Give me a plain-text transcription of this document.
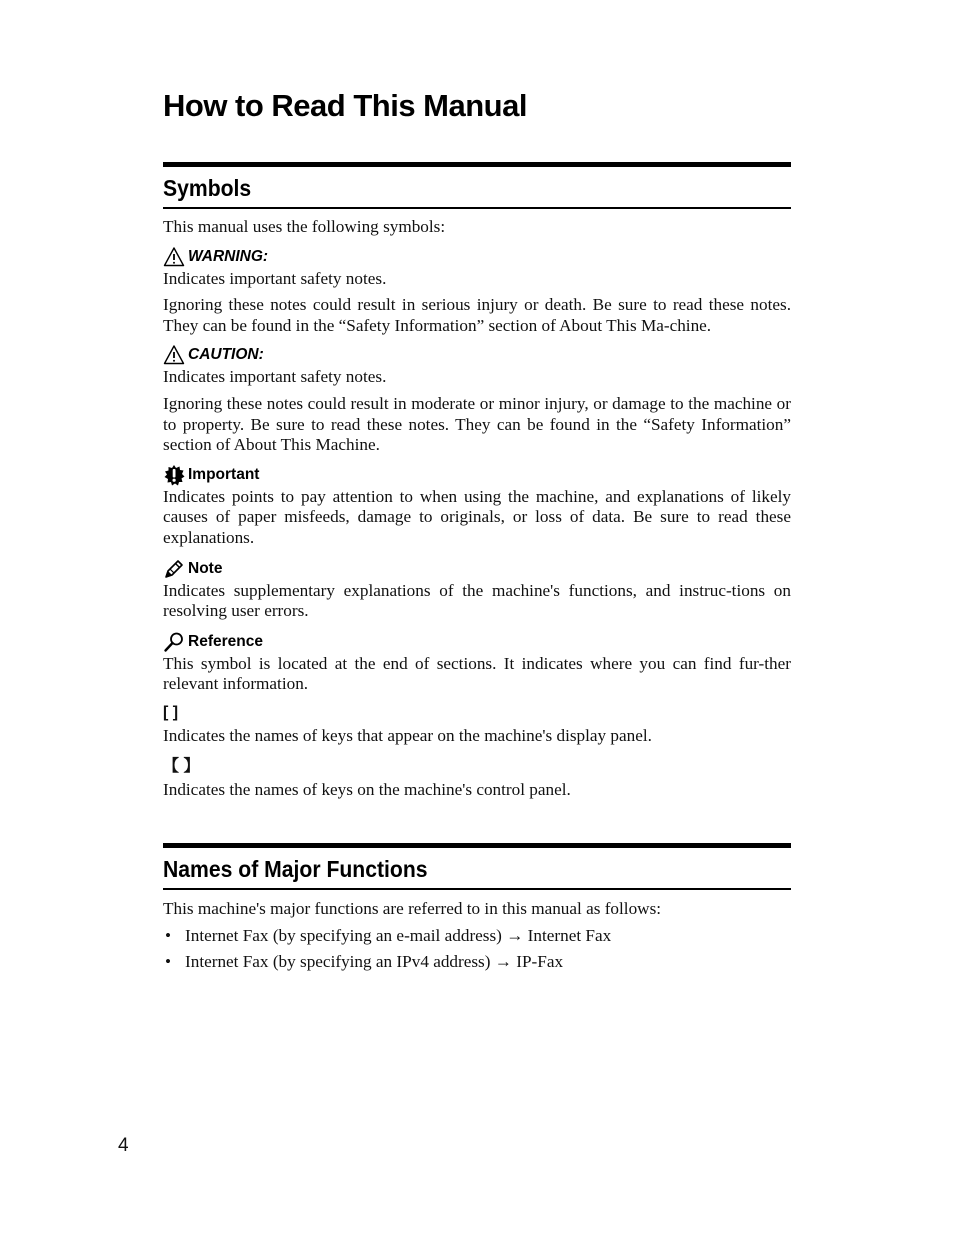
How to Read This Manual
Symbols

This manual uses the following symbols:

WARNING:

Indicates important safety notes.

Ignoring these notes could result in serious injury or death. Be sure to read these notes. They can be found in the “Safety Information” section of About This Ma-chine.

CAUTION:

Indicates important safety notes.

Ignoring these notes could result in moderate or minor injury, or damage to the machine or to property. Be sure to read these notes. They can be found in the “Safety Information” section of About This Machine.

Important

Indicates points to pay attention to when using the machine, and explanations of likely causes of paper misfeeds, damage to originals, or loss of data. Be sure to read these explanations.

Note

Indicates supplementary explanations of the machine's functions, and instruc-tions on resolving user errors.

Reference

This symbol is located at the end of sections. It indicates where you can find fur-ther relevant information.

[ ]

Indicates the names of keys that appear on the machine's display panel.

【 】

Indicates the names of keys on the machine's control panel.

Names of Major Functions

This machine's major functions are referred to in this manual as follows:

• Internet Fax (by specifying an e-mail address) → Internet Fax
• Internet Fax (by specifying an IPv4 address) → IP-Fax
4
